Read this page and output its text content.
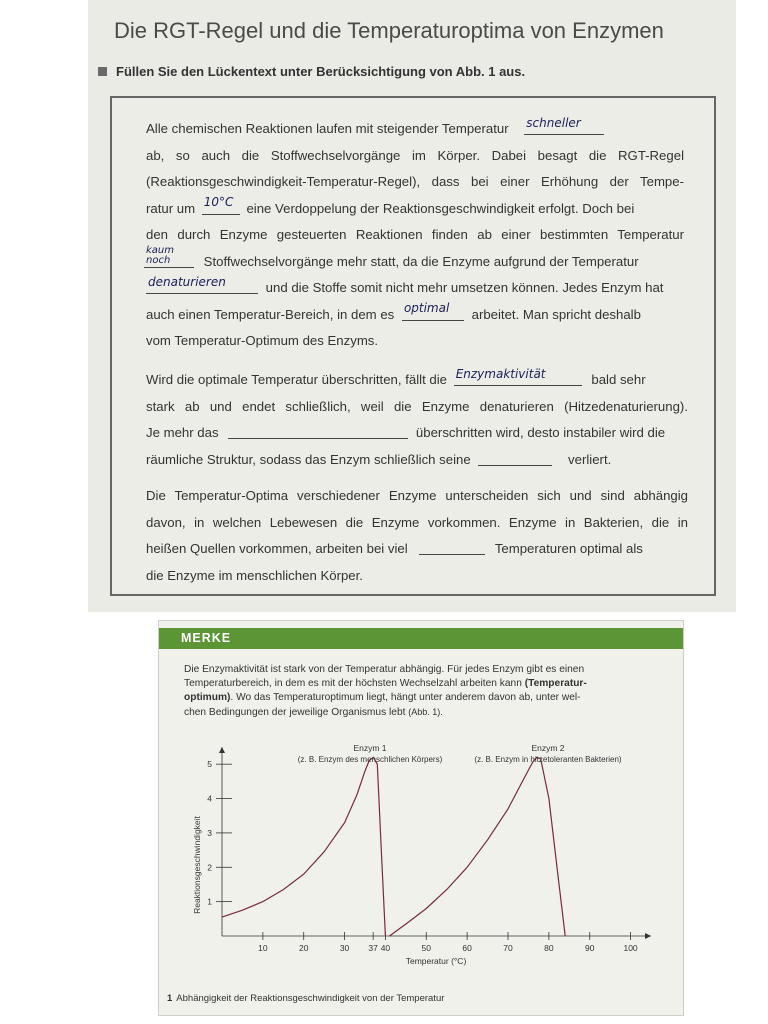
Die RGT-Regel und die Temperaturoptima von Enzymen
Füllen Sie den Lückentext unter Berücksichtigung von Abb. 1 aus.
Alle chemischen Reaktionen laufen mit steigender Temperatur schneller
ab, so auch die Stoffwechselvorgänge im Körper. Dabei besagt die RGT-Regel
(Reaktionsgeschwindigkeit-Temperatur-Regel), dass bei einer Erhöhung der Tempe-
ratur um 10°C eine Verdoppelung der Reaktionsgeschwindigkeit erfolgt. Doch bei
den durch Enzyme gesteuerten Reaktionen finden ab einer bestimmten Temperatur
kaum
noch	Stoffwechselvorgänge mehr statt, da die Enzyme aufgrund der Temperatur
denaturieren	und die Stoffe somit nicht mehr umsetzen können. Jedes Enzym hat
auch einen Temperatur-Bereich, in dem es optimal arbeitet. Man spricht deshalb
vom Temperatur-Optimum des Enzyms.
Wird die optimale Temperatur überschritten, fällt die Enzymaktivität	bald sehr
stark ab und endet schließlich, weil die Enzyme denaturieren (Hitzedenaturierung).
Je mehr das	überschritten wird, desto instabiler wird die
räumliche Struktur, sodass das Enzym schließlich seine	verliert.
Die Temperatur-Optima verschiedener Enzyme unterscheiden sich und sind abhängig
davon, in welchen Lebewesen die Enzyme vorkommen. Enzyme in Bakterien, die in
heißen Quellen vorkommen, arbeiten bei viel	Temperaturen optimal als
die Enzyme im menschlichen Körper.
MERKE
Die Enzymaktivität ist stark von der Temperatur abhängig. Für jedes Enzym gibt es einen
Temperaturbereich, in dem es mit der höchsten Wechselzahl arbeiten kann (Temperatur-
optimum). Wo das Temperaturoptimum liegt, hängt unter anderem davon ab, unter wel-
chen Bedingungen der jeweilige Organismus lebt (Abb. 1).
10	20	30 37 40	50	60	70	80	90	100
1
2
3
4
5
Reaktionsgeschwindigkeit
Temperatur (°C)
Enzym 1
(z. B. Enzym des menschlichen Körpers)
Enzym 2
(z. B. Enzym in hitzetoleranten Bakterien)
1 Abhängigkeit der Reaktionsgeschwindigkeit von der Temperatur
